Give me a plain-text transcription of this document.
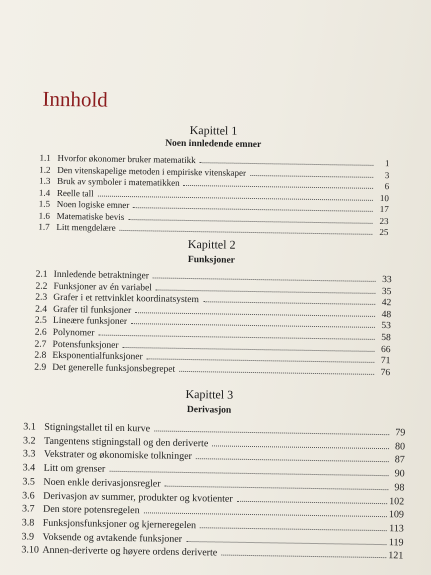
Innhold

Kapittel 1

Noen innledende emner

1.1 Hvorfor økonomer bruker matematikk	1
1.2 Den vitenskapelige metoden i empiriske vitenskaper	3
1.3 Bruk av symboler i matematikken	6
1.4 Reelle tall	10
1.5 Noen logiske emner	17
1.6 Matematiske bevis	23
1.7 Litt mengdelære	25

Kapittel 2

Funksjoner

2.1 Innledende betraktninger	33
2.2 Funksjoner av én variabel	35
2.3 Grafer i et rettvinklet koordinatsystem	42
2.4 Grafer til funksjoner	48
2.5 Lineære funksjoner	53
2.6 Polynomer	58
2.7 Potensfunksjoner	66
2.8 Eksponentialfunksjoner	71
2.9 Det generelle funksjonsbegrepet	76

Kapittel 3

Derivasjon

3.1 Stigningstallet til en kurve	79
3.2 Tangentens stigningstall og den deriverte	80
3.3 Vekstrater og økonomiske tolkninger	87
3.4 Litt om grenser	90
3.5 Noen enkle derivasjonsregler	98
3.6 Derivasjon av summer, produkter og kvotienter	102
3.7 Den store potensregelen	109
3.8 Funksjonsfunksjoner og kjerneregelen	113
3.9 Voksende og avtakende funksjoner	119
3.10 Annen-deriverte og høyere ordens deriverte	121
